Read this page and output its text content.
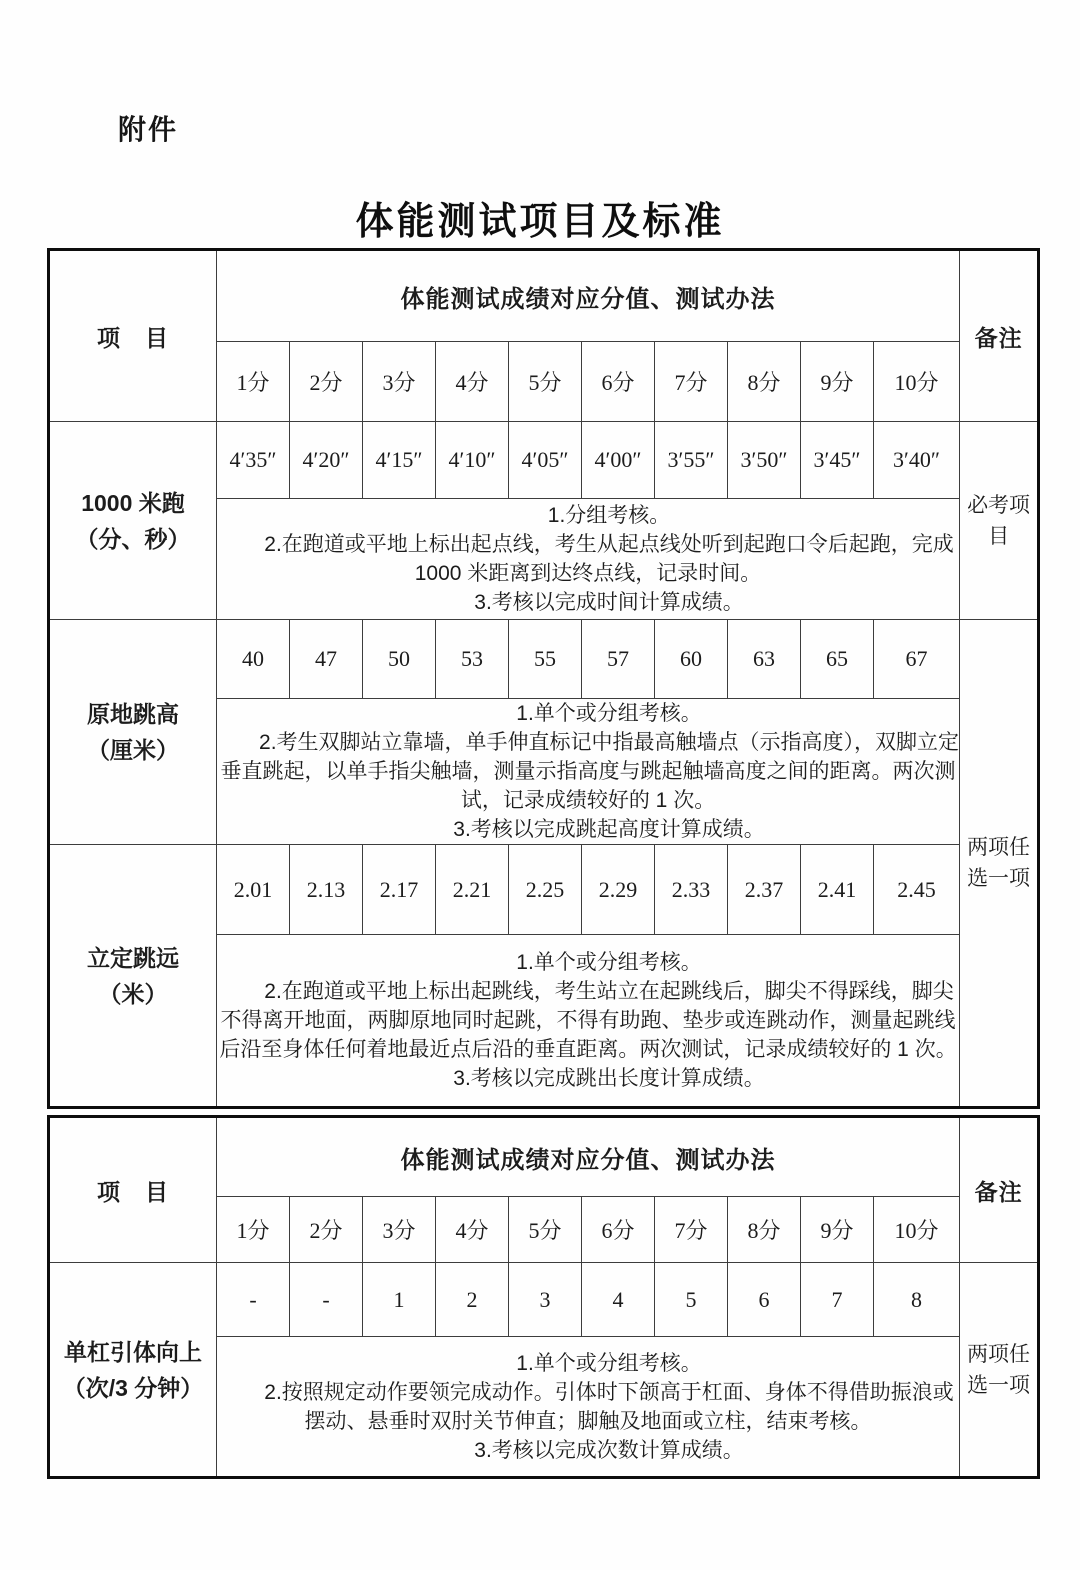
附件
体能测试项目及标准
项　目	体能测试成绩对应分值、测试办法										备注
	1分	2分	3分	4分	5分	6分	7分	8分	9分	10分	

1000 米跑
（分、秒）	4′35″	4′20″	4′15″	4′10″	4′05″	4′00″	3′55″	3′50″	3′45″	3′40″	必考项目

	1.分组考核。

2.在跑道或平地上标出起点线，考生从起点线处听到起跑口令后起跑，完成 1000 米距离到达终点线，记录时间。

3.考核以完成时间计算成绩。										

原地跳高
（厘米）	40	47	50	53	55	57	60	63	65	67	两项任选一项

	1.单个或分组考核。

2.考生双脚站立靠墙，单手伸直标记中指最高触墙点（示指高度），双脚立定垂直跳起，以单手指尖触墙，测量示指高度与跳起触墙高度之间的距离。两次测试，记录成绩较好的 1 次。

3.考核以完成跳起高度计算成绩。										

立定跳远
（米）	2.01	2.13	2.17	2.21	2.25	2.29	2.33	2.37	2.41	2.45	

	1.单个或分组考核。

2.在跑道或平地上标出起跳线，考生站立在起跳线后，脚尖不得踩线，脚尖不得离开地面，两脚原地同时起跳，不得有助跑、垫步或连跳动作，测量起跳线后沿至身体任何着地最近点后沿的垂直距离。两次测试，记录成绩较好的 1 次。

3.考核以完成跳出长度计算成绩。										

项　目	体能测试成绩对应分值、测试办法										备注
	1分	2分	3分	4分	5分	6分	7分	8分	9分	10分	

单杠引体向上
（次/3 分钟）	-	-	1	2	3	4	5	6	7	8	两项任选一项

	1.单个或分组考核。

2.按照规定动作要领完成动作。引体时下颌高于杠面、身体不得借助振浪或摆动、悬垂时双肘关节伸直；脚触及地面或立柱，结束考核。

3.考核以完成次数计算成绩。										
